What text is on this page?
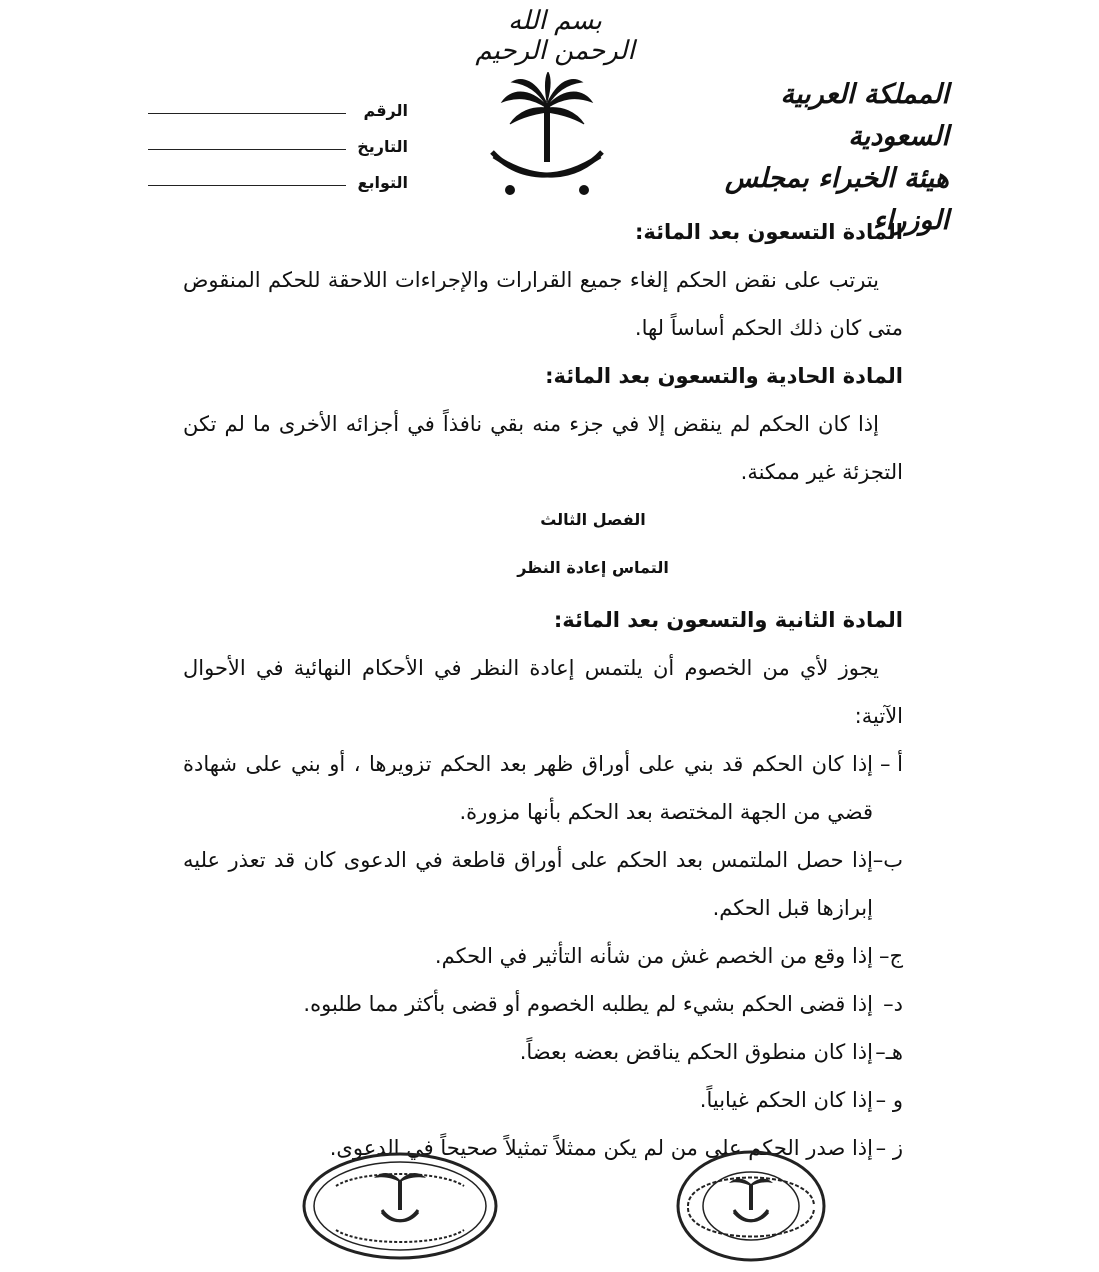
بسم الله الرحمن الرحيم
المملكة العربية السعودية
هيئة الخبراء بمجلس الوزراء
الرقم
التاريخ
التوابع
المادة التسعون بعد المائة:
يترتب على نقض الحكم إلغاء جميع القرارات والإجراءات اللاحقة للحكم المنقوض متى كان ذلك الحكم أساساً لها.
المادة الحادية والتسعون بعد المائة:
إذا كان الحكم لم ينقض إلا في جزء منه بقي نافذاً في أجزائه الأخرى ما لم تكن التجزئة غير ممكنة.
الفصل الثالث
التماس إعادة النظر
المادة الثانية والتسعون بعد المائة:
يجوز لأي من الخصوم أن يلتمس إعادة النظر في الأحكام النهائية في الأحوال الآتية:
أ –
إذا كان الحكم قد بني على أوراق ظهر بعد الحكم تزويرها ، أو بني على شهادة قضي من الجهة المختصة بعد الحكم بأنها مزورة.
ب–
إذا حصل الملتمس بعد الحكم على أوراق قاطعة في الدعوى كان قد تعذر عليه إبرازها قبل الحكم.
ج–
إذا وقع من الخصم غش من شأنه التأثير في الحكم.
د–
إذا قضى الحكم بشيء لم يطلبه الخصوم أو قضى بأكثر مما طلبوه.
هـ–
إذا كان منطوق الحكم يناقض بعضه بعضاً.
و –
إذا كان الحكم غيابياً.
ز –
إذا صدر الحكم على من لم يكن ممثلاً تمثيلاً صحيحاً في الدعوى.
